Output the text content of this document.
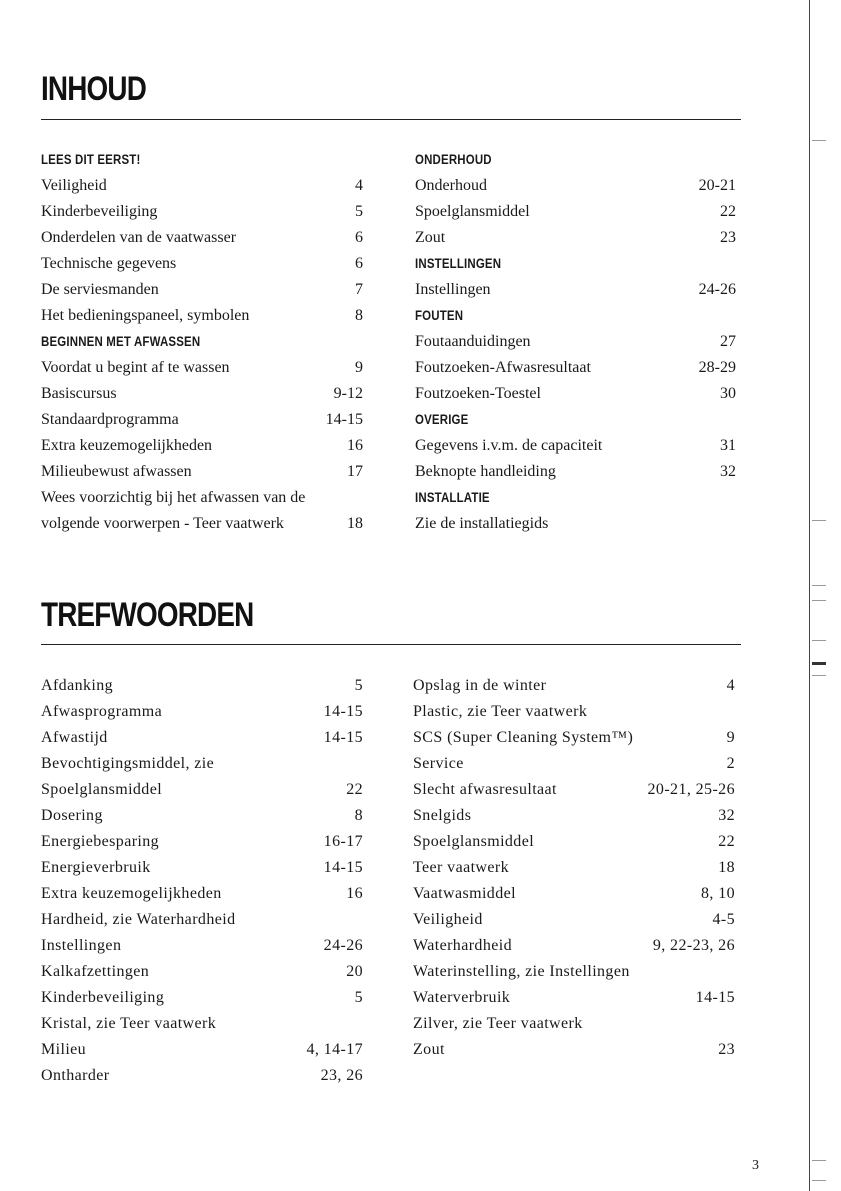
INHOUD
LEES DIT EERST!
Veiligheid	4
Kinderbeveiliging	5
Onderdelen van de vaatwasser	6
Technische gegevens	6
De serviesmanden	7
Het bedieningspaneel, symbolen	8
BEGINNEN MET AFWASSEN
Voordat u begint af te wassen	9
Basiscursus	9-12
Standaardprogramma	14-15
Extra keuzemogelijkheden	16
Milieubewust afwassen	17
Wees voorzichtig bij het afwassen van de
volgende voorwerpen - Teer vaatwerk	18
ONDERHOUD
Onderhoud	20-21
Spoelglansmiddel	22
Zout	23
INSTELLINGEN
Instellingen	24-26
FOUTEN
Foutaanduidingen	27
Foutzoeken-Afwasresultaat	28-29
Foutzoeken-Toestel	30
OVERIGE
Gegevens i.v.m. de capaciteit	31
Beknopte handleiding	32
INSTALLATIE
Zie de installatiegids
TREFWOORDEN
Afdanking	5
Afwasprogramma	14-15
Afwastijd	14-15
Bevochtigingsmiddel, zie
Spoelglansmiddel	22
Dosering	8
Energiebesparing	16-17
Energieverbruik	14-15
Extra keuzemogelijkheden	16
Hardheid, zie Waterhardheid
Instellingen	24-26
Kalkafzettingen	20
Kinderbeveiliging	5
Kristal, zie Teer vaatwerk
Milieu	4, 14-17
Ontharder	23, 26
Opslag in de winter	4
Plastic, zie Teer vaatwerk
SCS (Super Cleaning System™)	9
Service	2
Slecht afwasresultaat	20-21, 25-26
Snelgids	32
Spoelglansmiddel	22
Teer vaatwerk	18
Vaatwasmiddel	8, 10
Veiligheid	4-5
Waterhardheid	9, 22-23, 26
Waterinstelling, zie Instellingen
Waterverbruik	14-15
Zilver, zie Teer vaatwerk
Zout	23
3
